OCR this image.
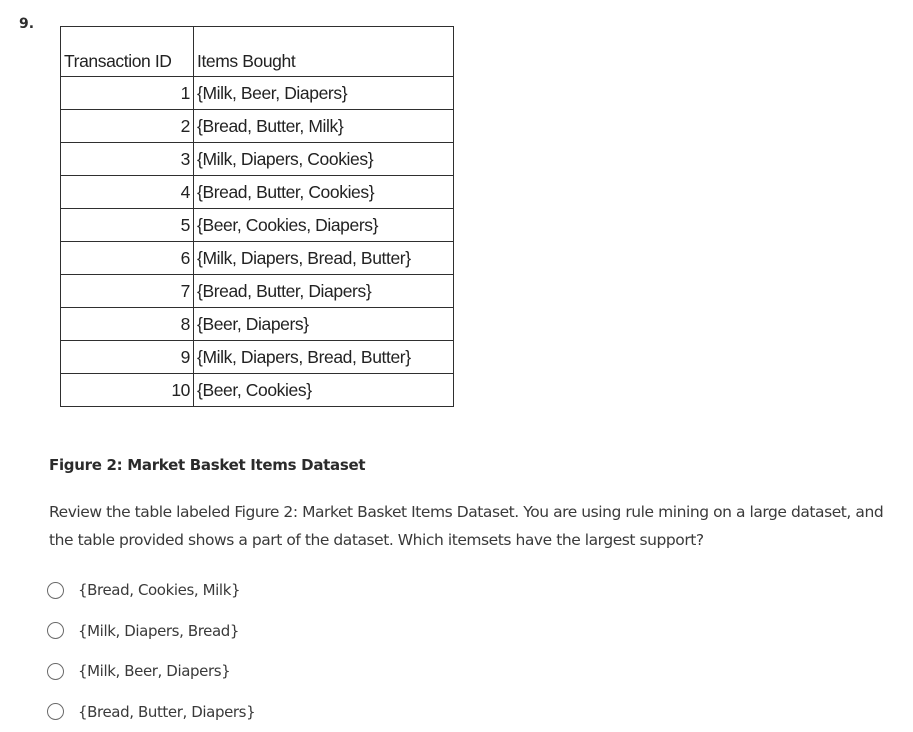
9.
Transaction ID	Items Bought
1	{Milk, Beer, Diapers}
2	{Bread, Butter, Milk}
3	{Milk, Diapers, Cookies}
4	{Bread, Butter, Cookies}
5	{Beer, Cookies, Diapers}
6	{Milk, Diapers, Bread, Butter}
7	{Bread, Butter, Diapers}
8	{Beer, Diapers}
9	{Milk, Diapers, Bread, Butter}
10	{Beer, Cookies}
Figure 2: Market Basket Items Dataset
Review the table labeled Figure 2: Market Basket Items Dataset. You are using rule mining on a large dataset, and the table provided shows a part of the dataset. Which itemsets have the largest support?
{Bread, Cookies, Milk}
{Milk, Diapers, Bread}
{Milk, Beer, Diapers}
{Bread, Butter, Diapers}
